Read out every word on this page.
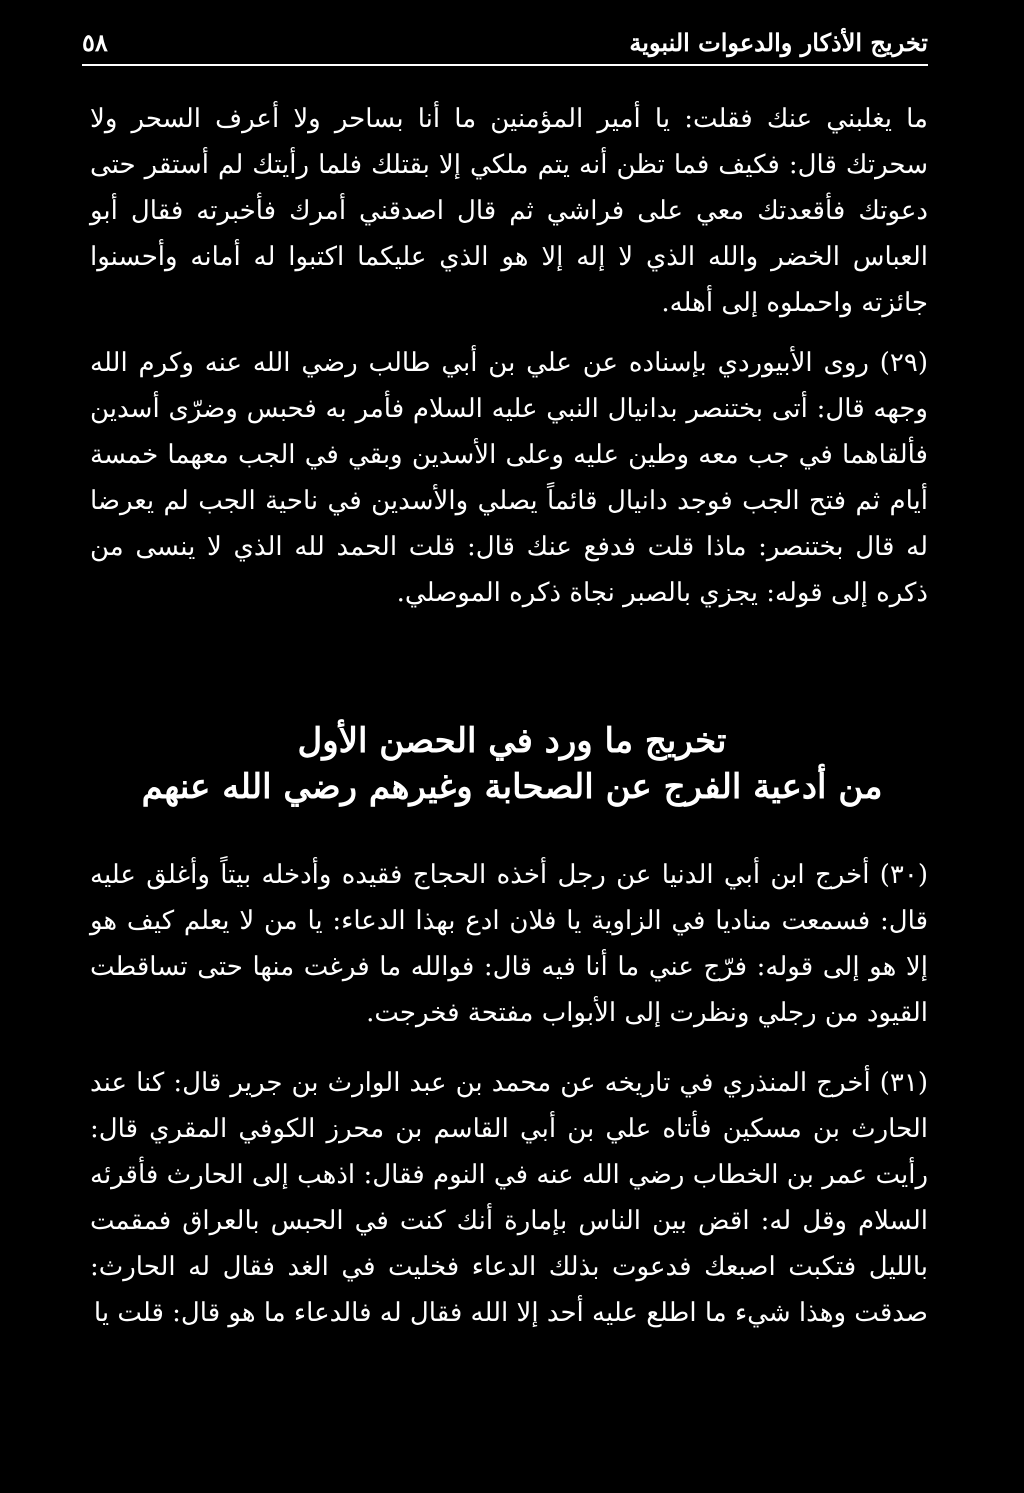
تخريج الأذكار والدعوات النبوية
٥٨

ما يغلبني عنك فقلت: يا أمير المؤمنين ما أنا بساحر ولا أعرف السحر ولا سحرتك قال: فكيف فما تظن أنه يتم ملكي إلا بقتلك فلما رأيتك لم أستقر حتى دعوتك فأقعدتك معي على فراشي ثم قال اصدقني أمرك فأخبرته فقال أبو العباس الخضر والله الذي لا إله إلا هو الذي عليكما اكتبوا له أمانه وأحسنوا جائزته واحملوه إلى أهله.

(٢٩) روى الأبيوردي بإسناده عن علي بن أبي طالب رضي الله عنه وكرم الله وجهه قال: أتى بختنصر بدانيال النبي عليه السلام فأمر به فحبس وضرّى أسدين فألقاهما في جب معه وطين عليه وعلى الأسدين وبقي في الجب معهما خمسة أيام ثم فتح الجب فوجد دانيال قائماً يصلي والأسدين في ناحية الجب لم يعرضا له قال بختنصر: ماذا قلت فدفع عنك قال: قلت الحمد لله الذي لا ينسى من ذكره إلى قوله: يجزي بالصبر نجاة ذكره الموصلي.

تخريج ما ورد في الحصن الأول
من أدعية الفرج عن الصحابة وغيرهم رضي الله عنهم

(٣٠) أخرج ابن أبي الدنيا عن رجل أخذه الحجاج فقيده وأدخله بيتاً وأغلق عليه قال: فسمعت مناديا في الزاوية يا فلان ادع بهذا الدعاء: يا من لا يعلم كيف هو إلا هو إلى قوله: فرّج عني ما أنا فيه قال: فوالله ما فرغت منها حتى تساقطت القيود من رجلي ونظرت إلى الأبواب مفتحة فخرجت.

(٣١) أخرج المنذري في تاريخه عن محمد بن عبد الوارث بن جرير قال: كنا عند الحارث بن مسكين فأتاه علي بن أبي القاسم بن محرز الكوفي المقري قال: رأيت عمر بن الخطاب رضي الله عنه في النوم فقال: اذهب إلى الحارث فأقرئه السلام وقل له: اقض بين الناس بإمارة أنك كنت في الحبس بالعراق فمقمت بالليل فتكبت اصبعك فدعوت بذلك الدعاء فخليت في الغد فقال له الحارث: صدقت وهذا شيء ما اطلع عليه أحد إلا الله فقال له فالدعاء ما هو قال: قلت يا
